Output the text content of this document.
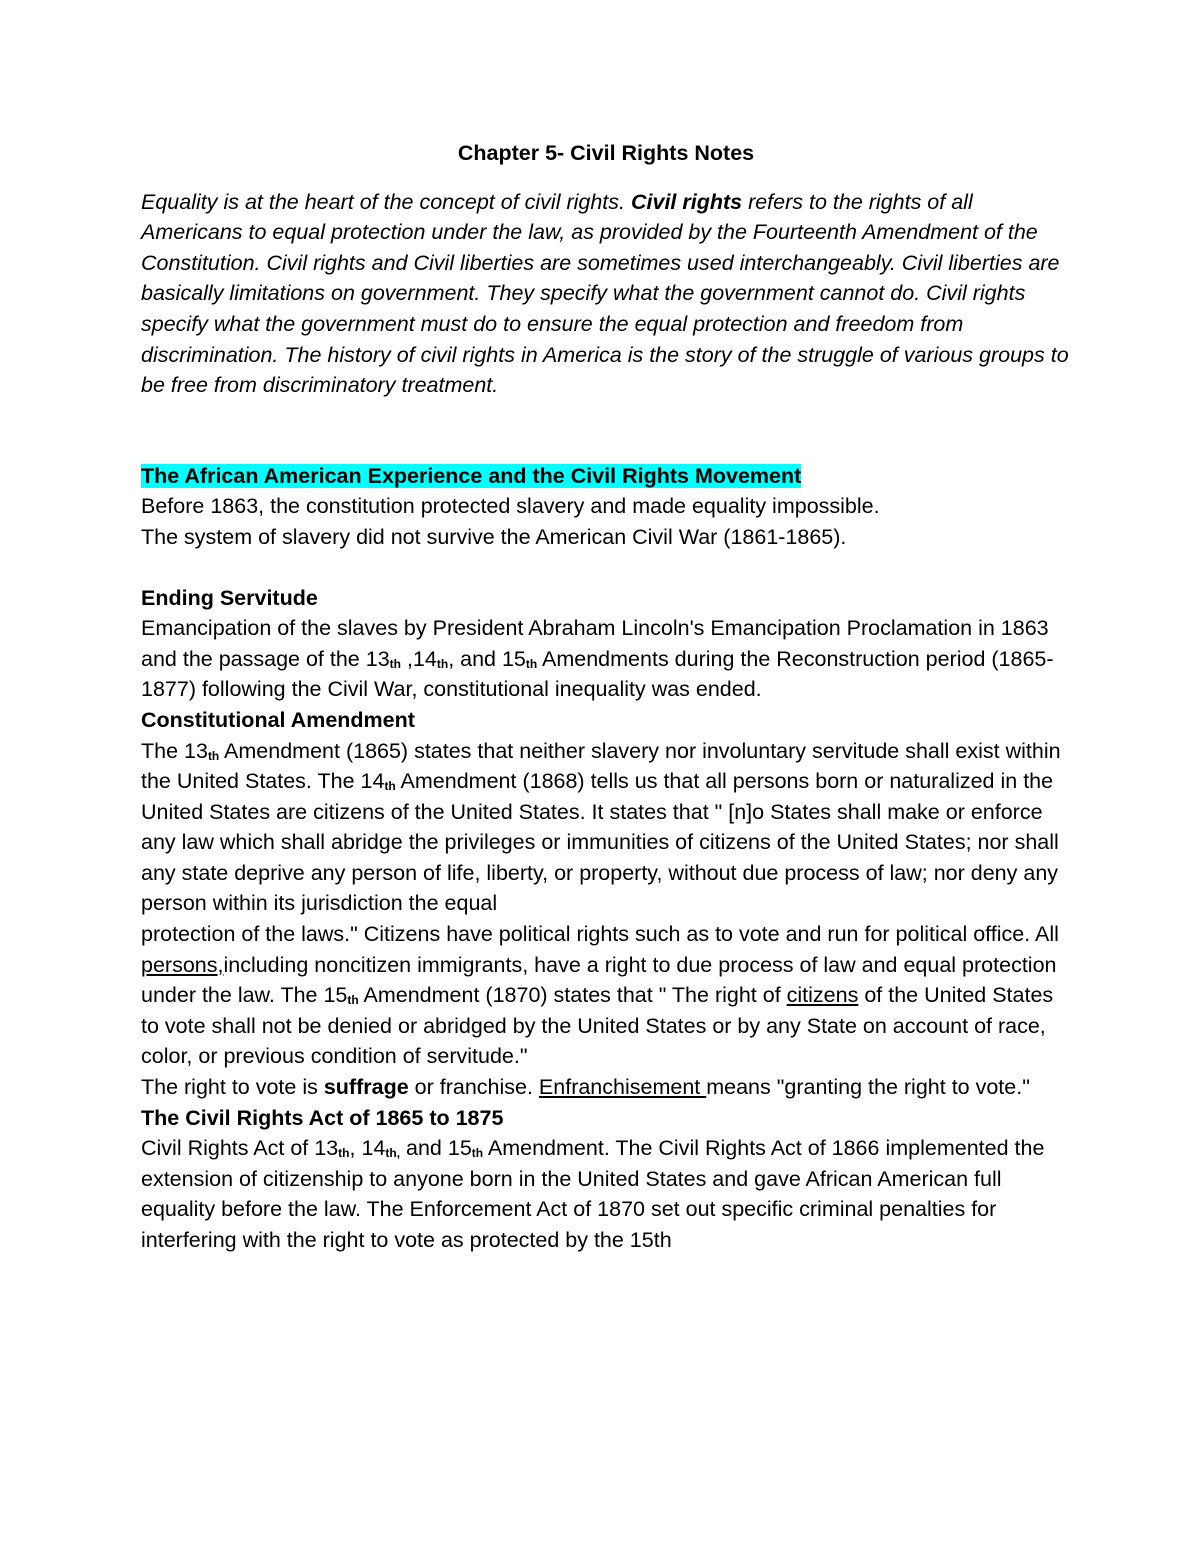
Chapter 5- Civil Rights Notes

Equality is at the heart of the concept of civil rights. Civil rights refers to the rights of all Americans to equal protection under the law, as provided by the Fourteenth Amendment of the Constitution. Civil rights and Civil liberties are sometimes used interchangeably. Civil liberties are basically limitations on government. They specify what the government cannot do. Civil rights specify what the government must do to ensure the equal protection and freedom from discrimination. The history of civil rights in America is the story of the struggle of various groups to be free from discriminatory treatment.

The African American Experience and the Civil Rights Movement

Before 1863, the constitution protected slavery and made equality impossible.

The system of slavery did not survive the American Civil War (1861-1865).

Ending Servitude

Emancipation of the slaves by President Abraham Lincoln's Emancipation Proclamation in 1863 and the passage of the 13th ,14th, and 15th Amendments during the Reconstruction period (1865-1877) following the Civil War, constitutional inequality was ended.

Constitutional Amendment

The 13th Amendment (1865) states that neither slavery nor involuntary servitude shall exist within the United States. The 14th Amendment (1868) tells us that all persons born or naturalized in the United States are citizens of the United States. It states that " [n]o States shall make or enforce any law which shall abridge the privileges or immunities of citizens of the United States; nor shall any state deprive any person of life, liberty, or property, without due process of law; nor deny any person within its jurisdiction the equal

protection of the laws." Citizens have political rights such as to vote and run for political office. All persons,including noncitizen immigrants, have a right to due process of law and equal protection under the law. The 15th Amendment (1870) states that " The right of citizens of the United States to vote shall not be denied or abridged by the United States or by any State on account of race, color, or previous condition of servitude."

The right to vote is suffrage or franchise. Enfranchisement means "granting the right to vote."

The Civil Rights Act of 1865 to 1875

Civil Rights Act of 13th, $14^{th,}$ and 15th Amendment. The Civil Rights Act of 1866 implemented the extension of citizenship to anyone born in the United States and gave African American full equality before the law. The Enforcement Act of 1870 set out specific criminal penalties for interfering with the right to vote as protected by the 15th
